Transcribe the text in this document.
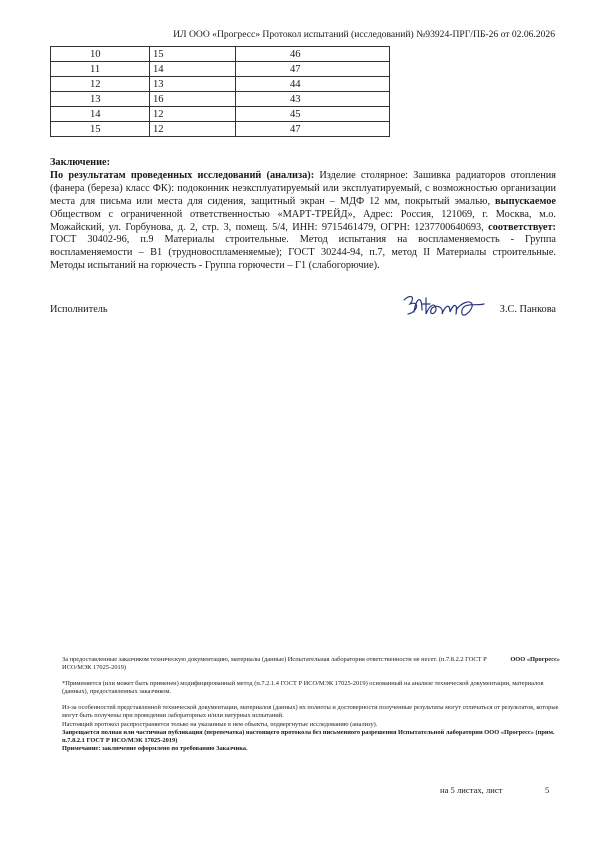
ИЛ ООО «Прогресс» Протокол испытаний (исследований) №93924-ПРГ/ПБ-26 от 02.06.2026
10	15	46
11	14	47
12	13	44
13	16	43
14	12	45
15	12	47
Заключение:
По результатам проведенных исследований (анализа): Изделие столярное: Зашивка радиаторов отопления (фанера (береза) класс ФК): подоконник неэксплуатируемый или эксплуатируемый, с возможностью организации места для письма или места для сидения, защитный экран – МДФ 12 мм, покрытый эмалью, выпускаемое Обществом с ограниченной ответственностью «МАРТ-ТРЕЙД», Адрес: Россия, 121069, г. Москва, м.о. Можайский, ул. Горбунова, д. 2, стр. 3, помещ. 5/4, ИНН: 9715461479, ОГРН: 1237700640693, соответствует: ГОСТ 30402-96, п.9 Материалы строительные. Метод испытания на воспламеняемость - Группа воспламеняемости – В1 (трудновоспламеняемые); ГОСТ 30244-94, п.7, метод II Материалы строительные. Методы испытаний на горючесть - Группа горючести – Г1 (слабогорючие).
Исполнитель	З.С. Панкова

За предоставленные заказчиком техническую документацию, материалы (данные) Испытательная лаборатория ответственности не несет. (п.7.8.2.2 ГОСТ Р ИСО/МЭК 17025-2019)

ООО «Прогресс»

*Применяется (или может быть применен) модифицированный метод (п.7.2.1.4 ГОСТ Р ИСО/МЭК 17025-2019) основанный на анализе технической документации, материалов (данных), предоставленных заказчиком.

Из-за особенностей представленной технической документации, материалов (данных) их полноты и достоверности полученные результаты могут отличаться от результатов, которые могут быть получены при проведении лабораторных и/или натурных испытаний.

Настоящий протокол распространяется только на указанные в нем объекты, подвергнутые исследованию (анализу).

Запрещается полная или частичная публикация (перепечатка) настоящего протокола без письменного разрешения Испытательной лаборатории ООО «Прогресс» (прим. п.7.8.2.1 ГОСТ Р ИСО/МЭК 17025-2019)

Примечание: заключение оформлено по требованию Заказчика.

на 5 листах, лист	5
